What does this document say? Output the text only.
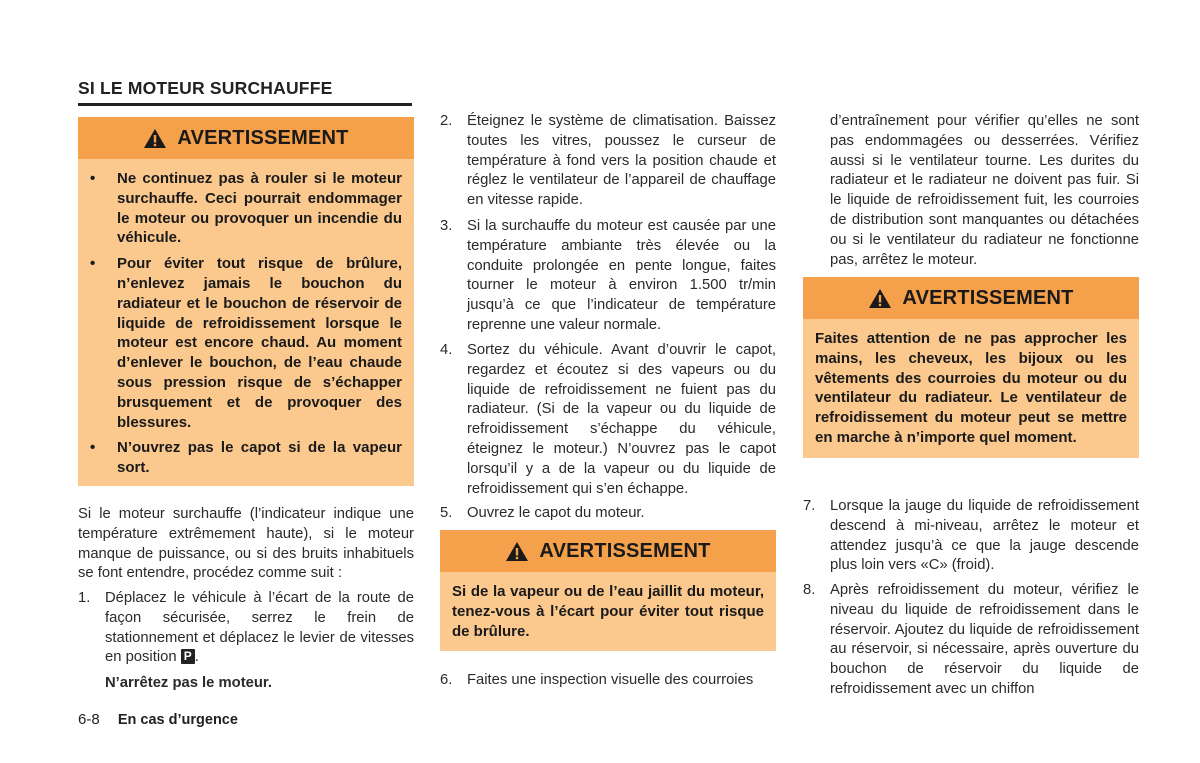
SI LE MOTEUR SURCHAUFFE
AVERTISSEMENT
• Ne continuez pas à rouler si le moteur surchauffe. Ceci pourrait endommager le moteur ou provoquer un incendie du véhicule.
• Pour éviter tout risque de brûlure, n’enlevez jamais le bouchon du radiateur et le bouchon de réservoir de liquide de refroidissement lorsque le moteur est encore chaud. Au moment d’enlever le bouchon, de l’eau chaude sous pression risque de s’échapper brusquement et de provoquer des blessures.
• N’ouvrez pas le capot si de la vapeur sort.

Si le moteur surchauffe (l’indicateur indique une température extrêmement haute), si le moteur manque de puissance, ou si des bruits inhabituels se font entendre, procédez comme suit :

1. Déplacez le véhicule à l’écart de la route de façon sécurisée, serrez le frein de stationnement et déplacez le levier de vitesses en position P .
N’arrêtez pas le moteur.
2. Éteignez le système de climatisation. Baissez toutes les vitres, poussez le curseur de température à fond vers la position chaude et réglez le ventilateur de l’appareil de chauffage en vitesse rapide.
3. Si la surchauffe du moteur est causée par une température ambiante très élevée ou la conduite prolongée en pente longue, faites tourner le moteur à environ 1.500 tr/min jusqu’à ce que l’indicateur de température reprenne une valeur normale.
4. Sortez du véhicule. Avant d’ouvrir le capot, regardez et écoutez si des vapeurs ou du liquide de refroidissement ne fuient pas du radiateur. (Si de la vapeur ou du liquide de refroidissement s’échappe du véhicule, éteignez le moteur.) N’ouvrez pas le capot lorsqu’il y a de la vapeur ou du liquide de refroidissement qui s’en échappe.
5. Ouvrez le capot du moteur.
AVERTISSEMENT

Si de la vapeur ou de l’eau jaillit du moteur, tenez-vous à l’écart pour éviter tout risque de brûlure.

6. Faites une inspection visuelle des courroies

d’entraînement pour vérifier qu’elles ne sont pas endommagées ou desserrées. Vérifiez aussi si le ventilateur tourne. Les durites du radiateur et le radiateur ne doivent pas fuir. Si le liquide de refroidissement fuit, les courroies de distribution sont manquantes ou détachées ou si le ventilateur du radiateur ne fonctionne pas, arrêtez le moteur.

AVERTISSEMENT

Faites attention de ne pas approcher les mains, les cheveux, les bijoux ou les vêtements des courroies du moteur ou du ventilateur du radiateur. Le ventilateur de refroidissement du moteur peut se mettre en marche à n’importe quel moment.

7. Lorsque la jauge du liquide de refroidissement descend à mi-niveau, arrêtez le moteur et attendez jusqu’à ce que la jauge descende plus loin vers «C» (froid).
8. Après refroidissement du moteur, vérifiez le niveau du liquide de refroidissement dans le réservoir. Ajoutez du liquide de refroidissement au réservoir, si nécessaire, après ouverture du bouchon de réservoir du liquide de refroidissement avec un chiffon
6-8 En cas d’urgence
